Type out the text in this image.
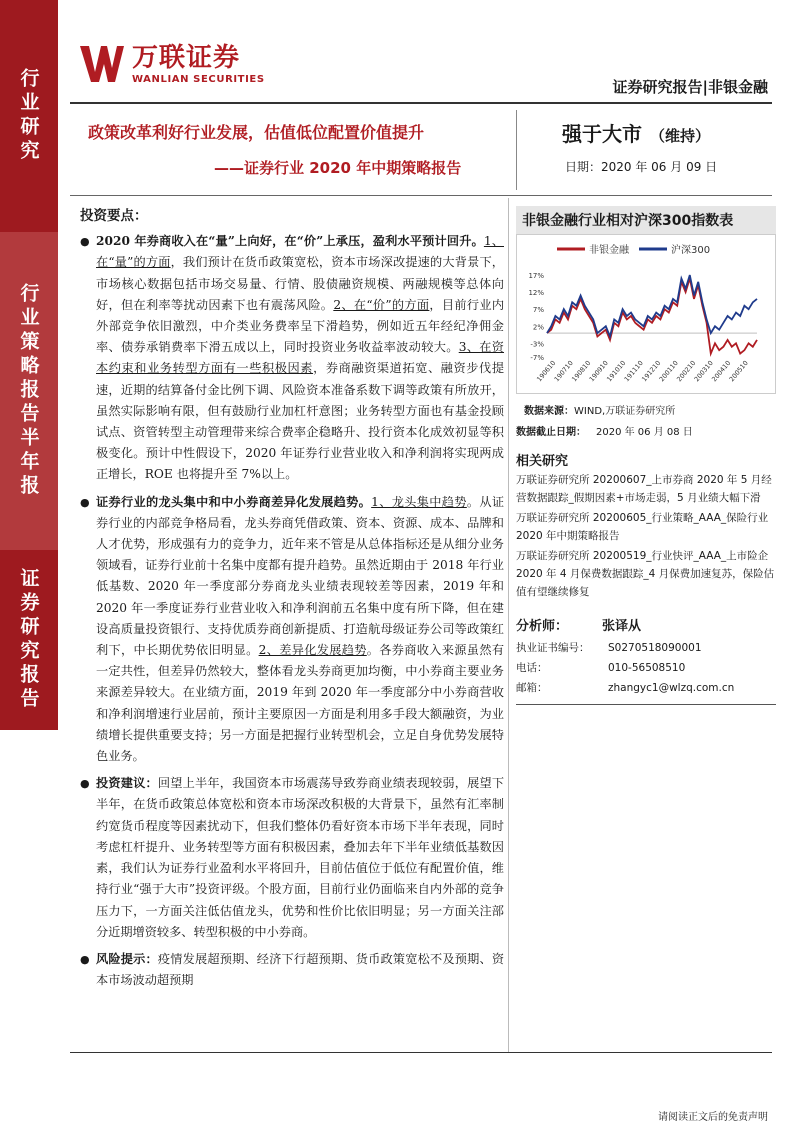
行业研究
行业策略报告半年报
证券研究报告
万联证券
WANLIAN SECURITIES	证券研究报告|非银金融
政策改革利好行业发展，估值低位配置价值提升
——证券行业 2020 年中期策略报告
强于大市 （维持）
日期：2020 年 06 月 09 日
投资要点：
● 2020 年券商收入在“量”上向好，在“价”上承压，盈利水平预计回升。1、在“量”的方面，我们预计在货币政策宽松，资本市场深改提速的大背景下，市场核心数据包括市场交易量、行情、股债融资规模、两融规模等总体向好，但在利率等扰动因素下也有震荡风险。2、在“价”的方面，目前行业内外部竞争依旧激烈，中介类业务费率呈下滑趋势，例如近五年经纪净佣金率、债券承销费率下滑五成以上，同时投资业务收益率波动较大。3、在资本约束和业务转型方面有一些积极因素，券商融资渠道拓宽、融资步伐提速，近期的结算备付金比例下调、风险资本准备系数下调等政策有所放开，虽然实际影响有限，但有鼓励行业加杠杆意图；业务转型方面也有基金投顾试点、资管转型主动管理带来综合费率企稳略升、投行资本化成效初显等积极变化。预计中性假设下，2020 年证券行业营业收入和净利润将实现两成正增长，ROE 也将提升至 7%以上。
● 证券行业的龙头集中和中小券商差异化发展趋势。1、龙头集中趋势。从证券行业的内部竞争格局看，龙头券商凭借政策、资本、资源、成本、品牌和人才优势，形成强有力的竞争力，近年来不管是从总体指标还是从细分业务领域看，证券行业前十名集中度都有提升趋势。虽然近期由于 2018 年行业低基数、2020 年一季度部分券商龙头业绩表现较差等因素，2019 年和 2020 年一季度证券行业营业收入和净利润前五名集中度有所下降，但在建设高质量投资银行、支持优质券商创新提质、打造航母级证券公司等政策红利下，中长期优势依旧明显。2、差异化发展趋势。各券商收入来源虽然有一定共性，但差异仍然较大，整体看龙头券商更加均衡，中小券商主要业务来源差异较大。在业绩方面，2019 年到 2020 年一季度部分中小券商营收和净利润增速行业居前，预计主要原因一方面是利用多手段大额融资，为业绩增长提供重要支持；另一方面是把握行业转型机会，立足自身优势发展特色业务。
● 投资建议：回望上半年，我国资本市场震荡导致券商业绩表现较弱，展望下半年，在货币政策总体宽松和资本市场深改积极的大背景下，虽然有汇率制约宽货币程度等因素扰动下，但我们整体仍看好资本市场下半年表现，同时考虑杠杆提升、业务转型等方面有积极因素，叠加去年下半年业绩低基数因素，我们认为证券行业盈利水平将回升，目前估值位于低位有配置价值，维持行业“强于大市”投资评级。个股方面，目前行业仍面临来自内外部的竞争压力下，一方面关注低估值龙头，优势和性价比依旧明显；另一方面关注部分近期增资较多、转型积极的中小券商。
● 风险提示：疫情发展超预期、经济下行超预期、货币政策宽松不及预期、资本市场波动超预期
非银金融行业相对沪深300指数表
非银金融	沪深300
17%
12%
7%
2%
-3%
-7%
190610
190710
190810
190910
191010
191110
191210
200110
200210
200310
200410
200510
数据来源：WIND,万联证券研究所
数据截止日期： 2020 年 06 月 08 日
相关研究
万联证券研究所 20200607_上市券商 2020 年 5 月经营数据跟踪_假期因素+市场走弱，5 月业绩大幅下滑
万联证券研究所 20200605_行业策略_AAA_保险行业 2020 年中期策略报告
万联证券研究所 20200519_行业快评_AAA_上市险企 2020 年 4 月保费数据跟踪_4 月保费加速复苏，保险估值有望继续修复
分析师：	张译从
执业证书编号：	S0270518090001
电话：	010-56508510
邮箱：	zhangyc1@wlzq.com.cn
请阅读正文后的免责声明
